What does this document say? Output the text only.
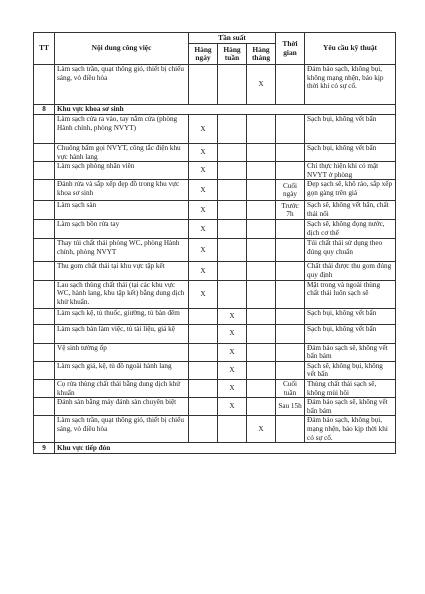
TT	Nội dung công việc	Tần suất			Thời gian	Yêu cầu kỹ thuật
		Hàng ngày	Hàng tuần	Hàng tháng		
	Làm sạch trần, quạt thông gió, thiết bị chiếu sáng, vỏ điều hòa			X		Đảm bảo sạch, không bụi, không mạng nhện, báo kịp thời khi có sự cố.
8	Khu vực khoa sơ sinh					
	Làm sạch cửa ra vào, tay nắm cửa (phòng Hành chính, phòng NVYT)	X				Sạch bụi, không vết bẩn
	Chuông bấm gọi NVYT, công tắc điện khu vực hành lang	X				Sạch bụi, không vết bẩn
	Làm sạch phòng nhân viên	X				Chỉ thực hiện khi có mặt NVYT ở phòng
	Đánh rửa và sắp xếp đẹp đồ trong khu vực khoa sơ sinh	X			Cuối ngày	Đẹp sạch sẽ, khô ráo, sắp xếp gọn gàng trên giá
	Làm sạch sàn	X			Trước 7h	Sạch sẽ, không vết bẩn, chất thải nổi
	Làm sạch bồn rửa tay	X				Sạch sẽ, không đọng nước, dịch cơ thể
	Thay túi chất thải phòng WC, phòng Hành chính, phòng NVYT	X				Túi chất thải sử dụng theo đúng quy chuẩn
	Thu gom chất thải tại khu vực tập kết	X				Chất thải được thu gom đúng quy định
	Lau sạch thùng chất thải (tại các khu vực WC, hành lang, khu tập kết) bằng dung dịch khử khuẩn.	X				Mặt trong và ngoài thùng chất thải luôn sạch sẽ
	Làm sạch kệ, tủ thuốc, giường, tủ bàn đêm		X			Sạch bụi, không vết bẩn
	Làm sạch bàn làm việc, tủ tài liệu, giá kệ		X			Sạch bụi, không vết bẩn
	Vệ sinh tường ốp		X			Đảm bảo sạch sẽ, không vết bẩn bám
	Làm sạch giá, kệ, tủ đồ ngoài hành lang		X			Sạch sẽ, không bụi, không vết bẩn
	Cọ rửa thùng chất thải bằng dung dịch khử khuẩn		X		Cuối tuần	Thùng chất thải sạch sẽ, không mùi hôi
	Đánh sàn bằng máy đánh sàn chuyên biệt		X		Sau 15h	Đảm bảo sạch sẽ, không vết bẩn bám
	Làm sạch trần, quạt thông gió, thiết bị chiếu sáng, vỏ điều hòa			X		Đảm bảo sạch, không bụi, mạng nhện, báo kịp thời khi có sự cố.
9	Khu vực tiếp đón					
